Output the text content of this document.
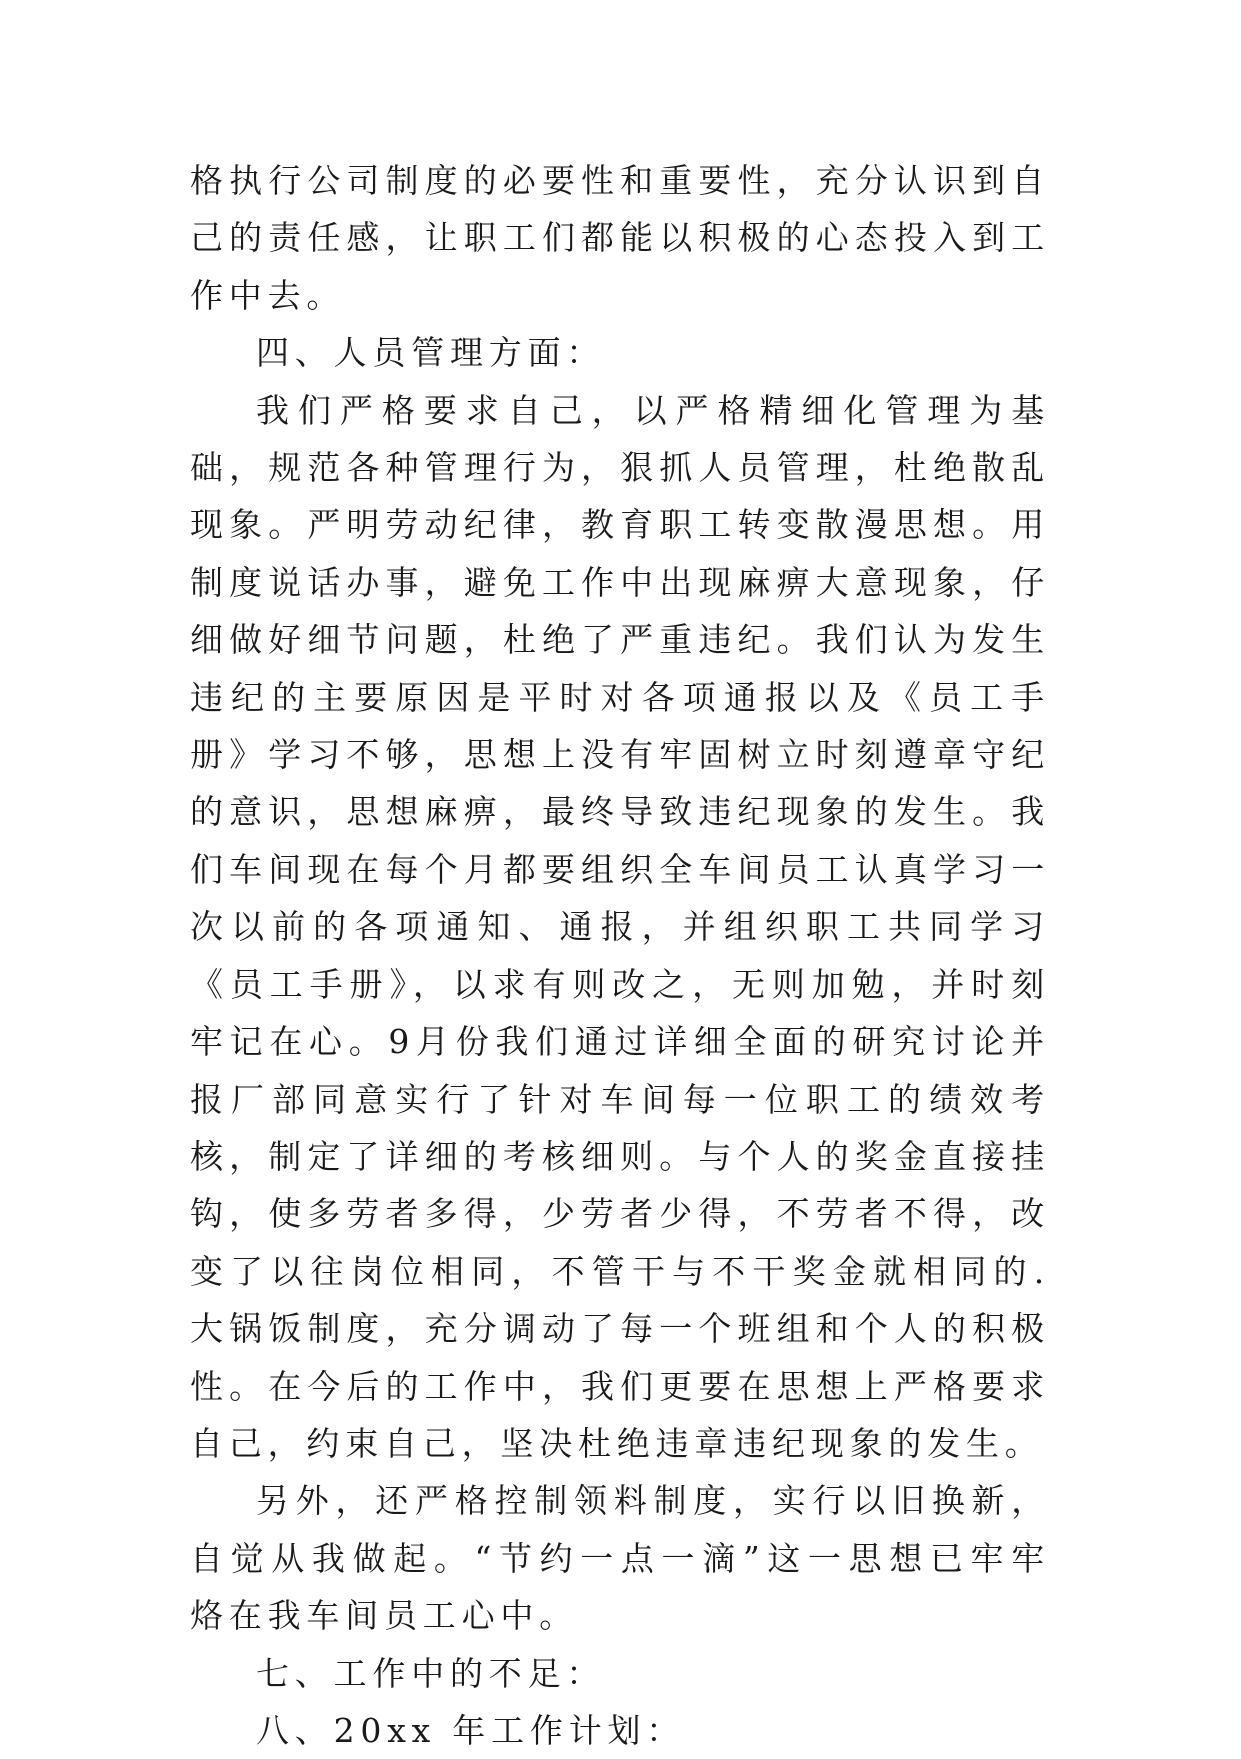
格执行公司制度的必要性和重要性，充分认识到自己的责任感，让职工们都能以积极的心态投入到工作中去。

四、人员管理方面：

我们严格要求自己，以严格精细化管理为基础，规范各种管理行为，狠抓人员管理，杜绝散乱现象。严明劳动纪律，教育职工转变散漫思想。用制度说话办事，避免工作中出现麻痹大意现象，仔细做好细节问题，杜绝了严重违纪。我们认为发生违纪的主要原因是平时对各项通报以及《员工手册》学习不够，思想上没有牢固树立时刻遵章守纪的意识，思想麻痹，最终导致违纪现象的发生。我们车间现在每个月都要组织全车间员工认真学习一次以前的各项通知、通报，并组织职工共同学习《员工手册》，以求有则改之，无则加勉，并时刻牢记在心。9月份我们通过详细全面的研究讨论并报厂部同意实行了针对车间每一位职工的绩效考核，制定了详细的考核细则。与个人的奖金直接挂钩，使多劳者多得，少劳者少得，不劳者不得，改变了以往岗位相同，不管干与不干奖金就相同的.大锅饭制度，充分调动了每一个班组和个人的积极性。在今后的工作中，我们更要在思想上严格要求自己，约束自己，坚决杜绝违章违纪现象的发生。

另外，还严格控制领料制度，实行以旧换新，自觉从我做起。“节约一点一滴”这一思想已牢牢烙在我车间员工心中。

七、工作中的不足：

八、20xx 年工作计划：
